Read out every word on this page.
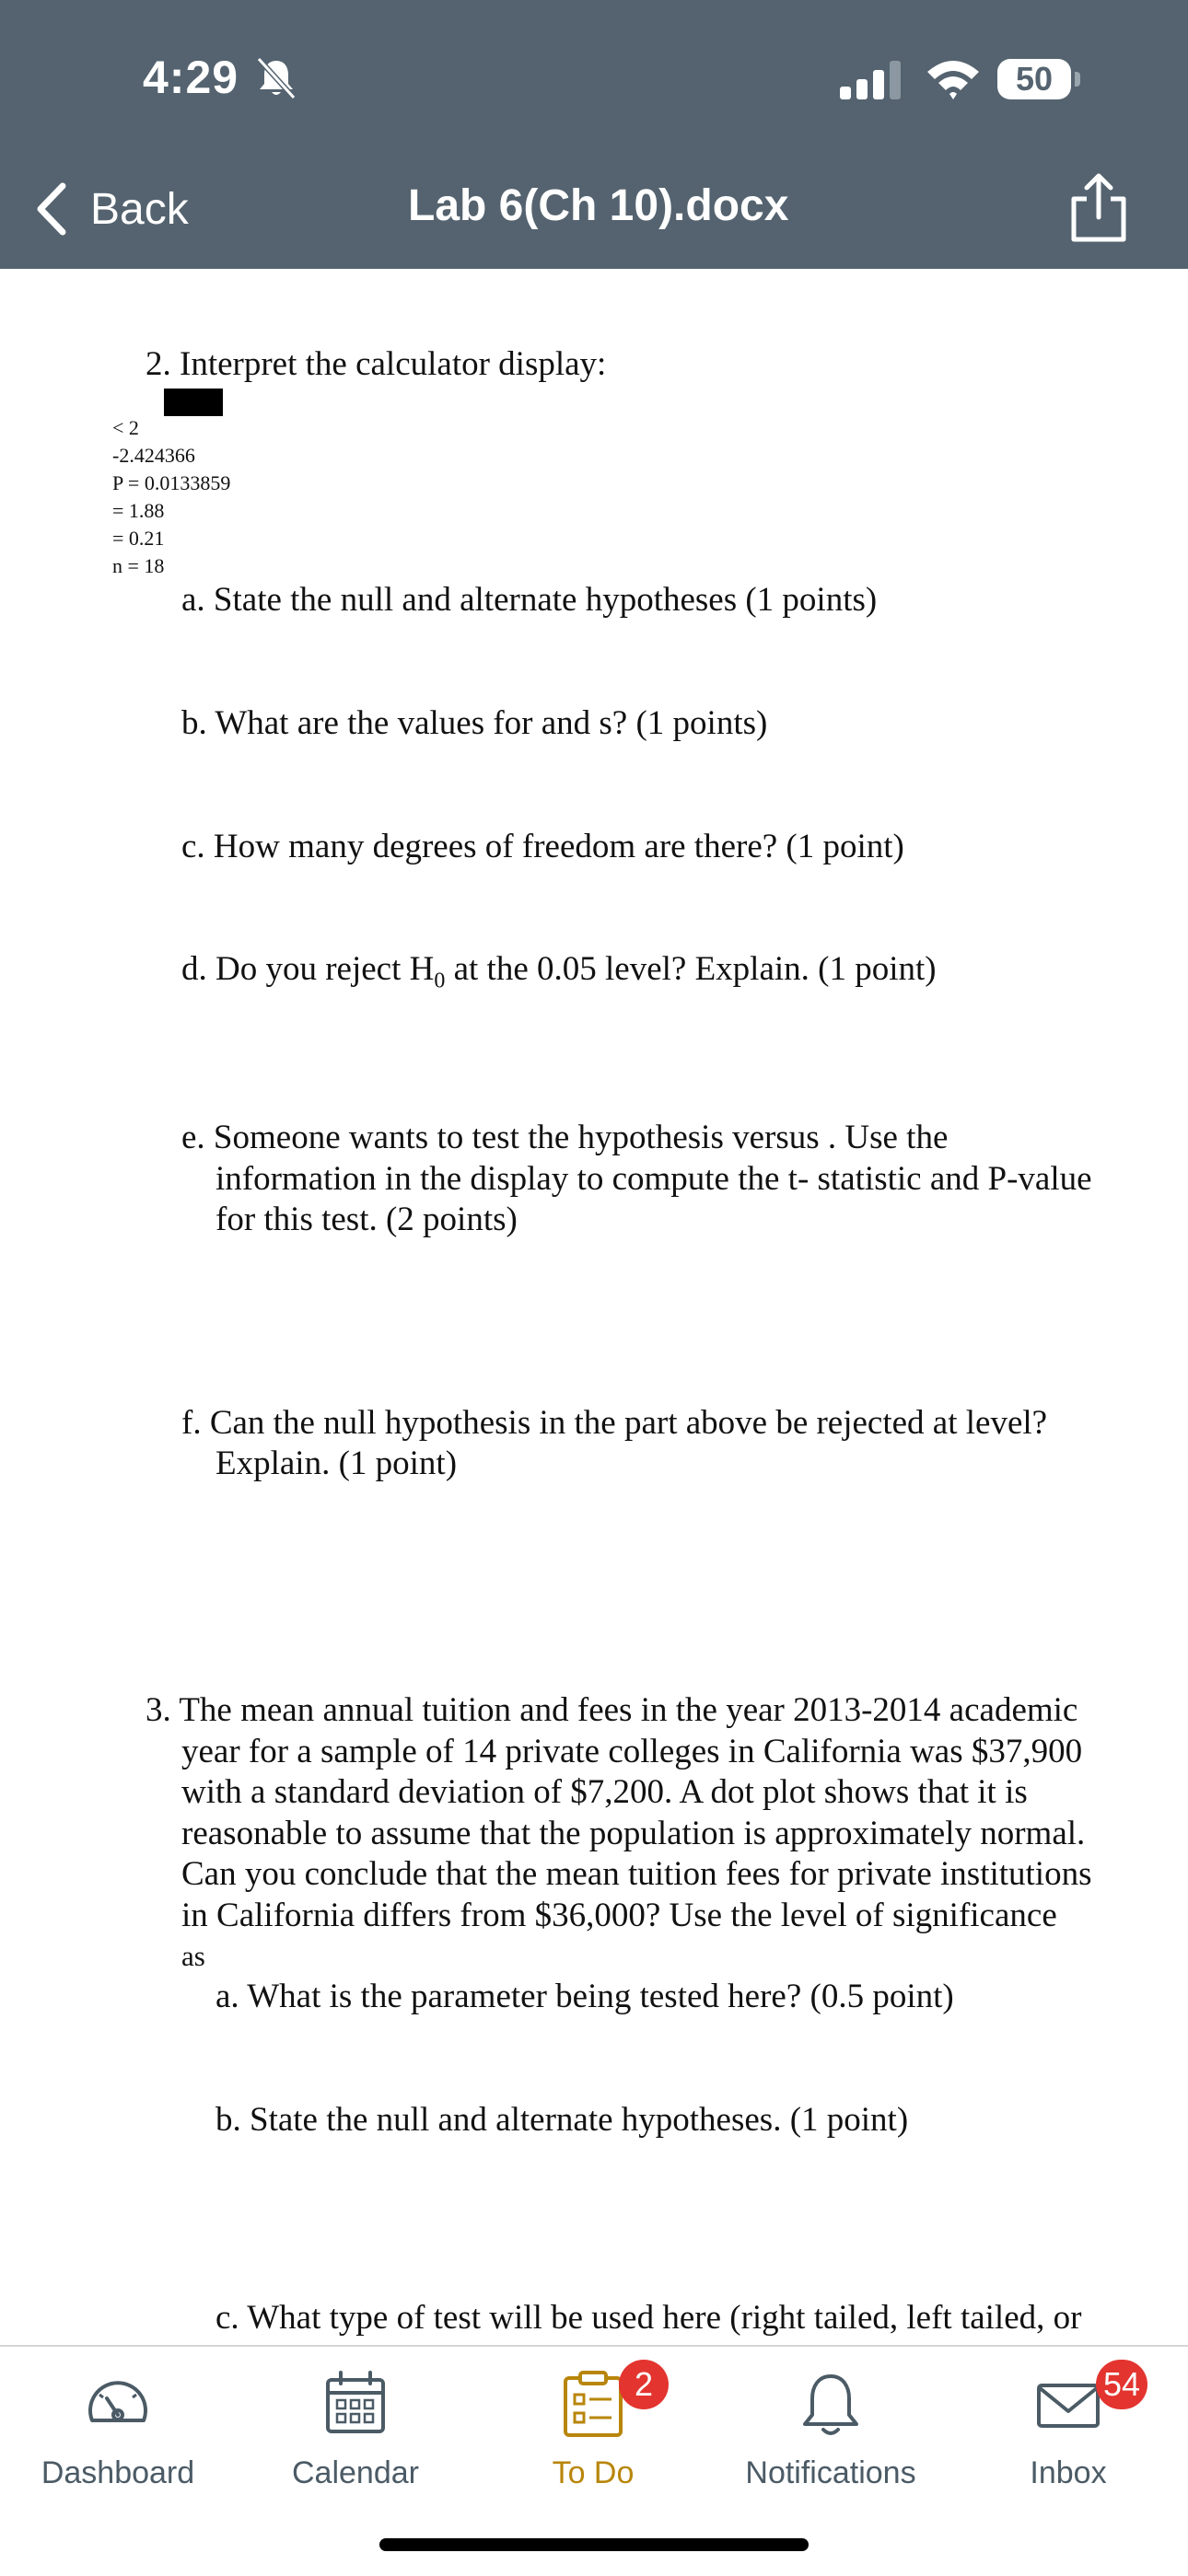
4:29	50
Back	Lab 6(Ch 10).docx
2. Interpret the calculator display:
< 2
-2.424366
P = 0.0133859
= 1.88
= 0.21
n = 18
a. State the null and alternate hypotheses (1 points)
b. What are the values for and s? (1 points)
c. How many degrees of freedom are there? (1 point)
d. Do you reject $H_0$ at the 0.05 level? Explain. (1 point)
e. Someone wants to test the hypothesis versus . Use the
information in the display to compute the t- statistic and P-value
for this test. (2 points)
f. Can the null hypothesis in the part above be rejected at level?
Explain. (1 point)
3. The mean annual tuition and fees in the year 2013-2014 academic
year for a sample of 14 private colleges in California was $37,900
with a standard deviation of $7,200. A dot plot shows that it is
reasonable to assume that the population is approximately normal.
Can you conclude that the mean tuition fees for private institutions
in California differs from $36,000? Use the level of significance
as
a. What is the parameter being tested here? (0.5 point)
b. State the null and alternate hypotheses. (1 point)
c. What type of test will be used here (right tailed, left tailed, or
Dashboard	Calendar
2
To Do	Notifications
54
Inbox
